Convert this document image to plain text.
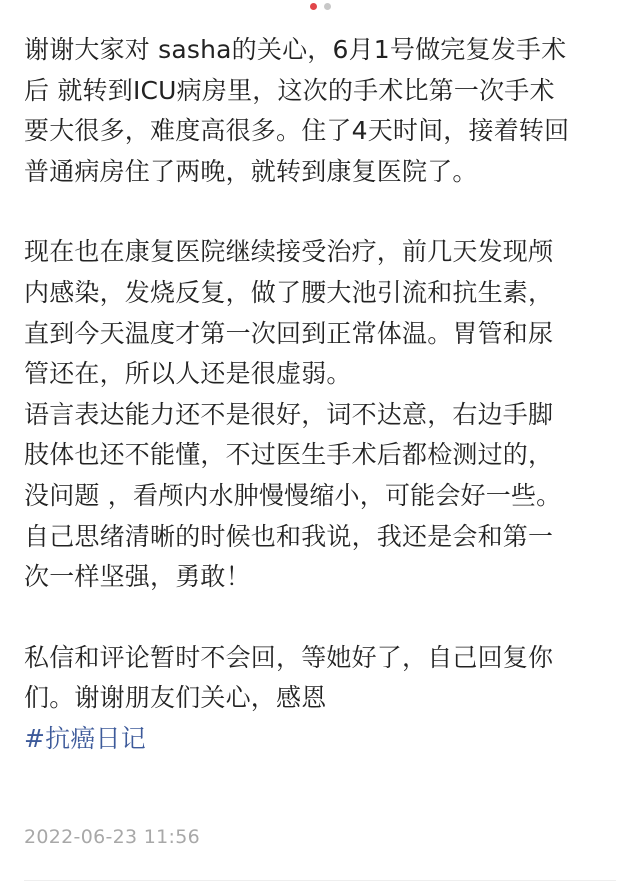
谢谢大家对 sasha的关心，6月1号做完复发手术
后 就转到ICU病房里，这次的手术比第一次手术
要大很多，难度高很多。住了4天时间，接着转回
普通病房住了两晚，就转到康复医院了。

现在也在康复医院继续接受治疗，前几天发现颅
内感染，发烧反复，做了腰大池引流和抗生素，
直到今天温度才第一次回到正常体温。胃管和尿
管还在，所以人还是很虚弱。
语言表达能力还不是很好，词不达意，右边手脚
肢体也还不能懂，不过医生手术后都检测过的，
没问题 ，看颅内水肿慢慢缩小，可能会好一些。
自己思绪清晰的时候也和我说，我还是会和第一
次一样坚强，勇敢！

私信和评论暂时不会回，等她好了，自己回复你
们。谢谢朋友们关心，感恩

#抗癌日记

2022-06-23 11:56
